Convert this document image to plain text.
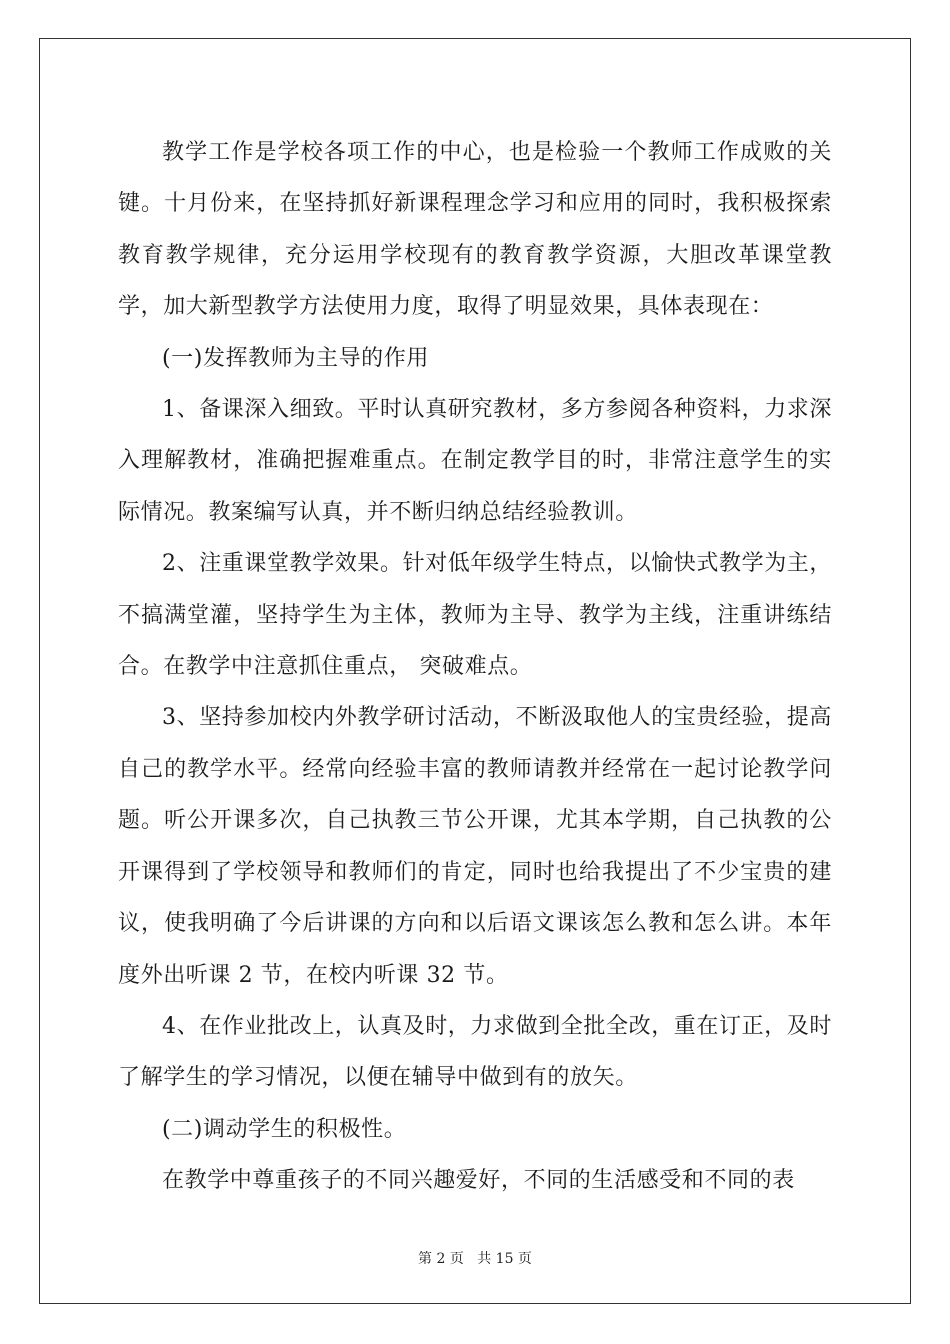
教学工作是学校各项工作的中心，也是检验一个教师工作成败的关键。十月份来，在坚持抓好新课程理念学习和应用的同时，我积极探索教育教学规律，充分运用学校现有的教育教学资源，大胆改革课堂教学，加大新型教学方法使用力度，取得了明显效果，具体表现在：

(一)发挥教师为主导的作用

1、备课深入细致。平时认真研究教材，多方参阅各种资料，力求深入理解教材，准确把握难重点。在制定教学目的时，非常注意学生的实际情况。教案编写认真，并不断归纳总结经验教训。

2、注重课堂教学效果。针对低年级学生特点，以愉快式教学为主，不搞满堂灌，坚持学生为主体，教师为主导、教学为主线，注重讲练结合。在教学中注意抓住重点， 突破难点。

3、坚持参加校内外教学研讨活动，不断汲取他人的宝贵经验，提高自己的教学水平。经常向经验丰富的教师请教并经常在一起讨论教学问题。听公开课多次，自己执教三节公开课，尤其本学期，自己执教的公开课得到了学校领导和教师们的肯定，同时也给我提出了不少宝贵的建议，使我明确了今后讲课的方向和以后语文课该怎么教和怎么讲。本年度外出听课 2 节，在校内听课 32 节。

4、在作业批改上，认真及时，力求做到全批全改，重在订正，及时了解学生的学习情况，以便在辅导中做到有的放矢。

(二)调动学生的积极性。

在教学中尊重孩子的不同兴趣爱好，不同的生活感受和不同的表

第 2 页 共 15 页
